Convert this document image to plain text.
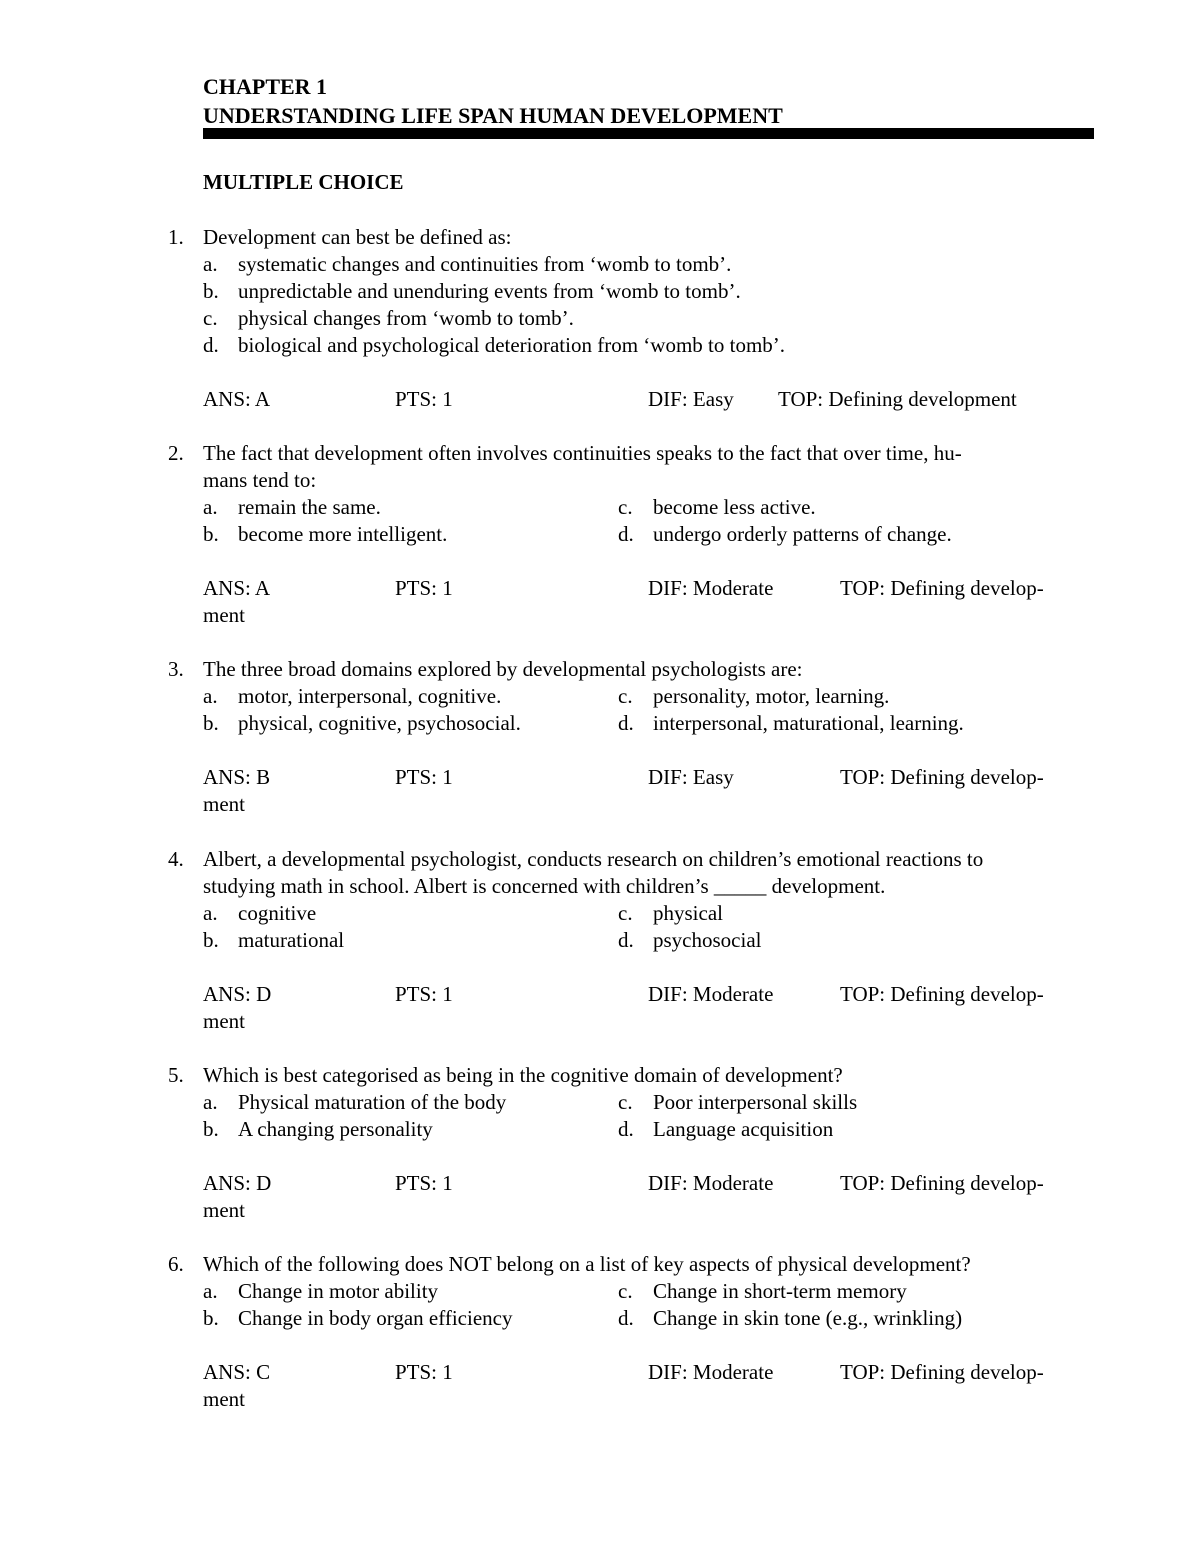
CHAPTER 1
UNDERSTANDING LIFE SPAN HUMAN DEVELOPMENT
MULTIPLE CHOICE
1. Development can best be defined as:
a. systematic changes and continuities from ‘womb to tomb’.
b. unpredictable and unenduring events from ‘womb to tomb’.
c. physical changes from ‘womb to tomb’.
d. biological and psychological deterioration from ‘womb to tomb’.
ANS: A	PTS: 1	DIF: Easy TOP: Defining development
2. The fact that development often involves continuities speaks to the fact that over time, hu-
mans tend to:
a. remain the same.
b. become more intelligent.
c. become less active.
d. undergo orderly patterns of change.
ANS: A	PTS: 1	DIF: Moderate	TOP: Defining develop-
ment
3. The three broad domains explored by developmental psychologists are:
a. motor, interpersonal, cognitive.
b. physical, cognitive, psychosocial.
c. personality, motor, learning.
d. interpersonal, maturational, learning.
ANS: B	PTS: 1	DIF: Easy	TOP: Defining develop-
ment
4. Albert, a developmental psychologist, conducts research on children’s emotional reactions to
studying math in school. Albert is concerned with children’s _____ development.
a. cognitive
b. maturational
c. physical
d. psychosocial
ANS: D	PTS: 1	DIF: Moderate	TOP: Defining develop-
ment
5. Which is best categorised as being in the cognitive domain of development?
a. Physical maturation of the body
b. A changing personality
c. Poor interpersonal skills
d. Language acquisition
ANS: D	PTS: 1	DIF: Moderate	TOP: Defining develop-
ment
6. Which of the following does NOT belong on a list of key aspects of physical development?
a. Change in motor ability
b. Change in body organ efficiency
c. Change in short-term memory
d. Change in skin tone (e.g., wrinkling)
ANS: C	PTS: 1	DIF: Moderate	TOP: Defining develop-
ment
